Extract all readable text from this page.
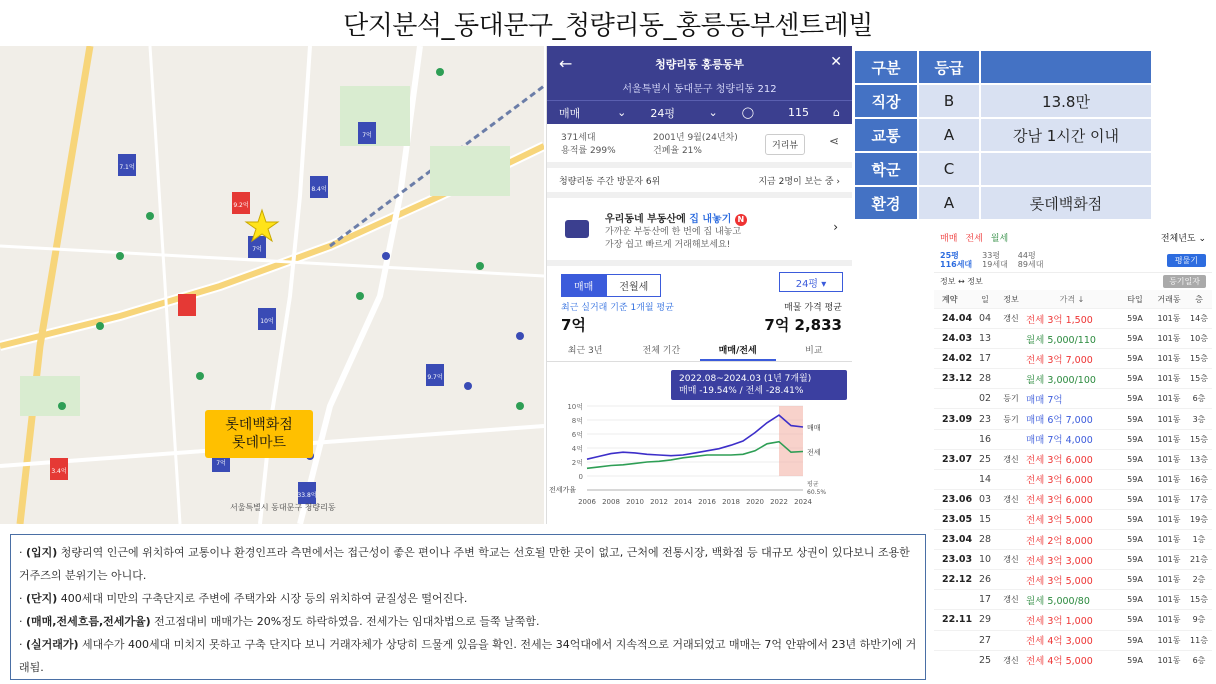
단지분석_동대문구_청량리동_홍릉동부센트레빌
7.1억
9.2억
8.4억
7억
10억
7억
9.7억
3.4억
33.8억
7억
롯데백화점
롯데마트
서울특별시 동대문구 청량리동
←	청량리동 홍릉동부	✕
서울특별시 동대문구 청량리동 212
매매	⌄ 24평	⌄ ◯	115	⌂
371세대
용적률 299%
2001년 9월(24년차)
건폐율 21%	거리뷰	⋖
청량리동 주간 방문자 6위	지금 2명이 보는 중 ›
우리동네 부동산에 집 내놓기 N
가까운 부동산에 한 번에 집 내놓고
가장 쉽고 빠르게 거래해보세요!
›
매매	전월세	24평 ▾
최근 실거래 기준 1개월 평균
7억
매물 가격 평균
7억 2,833
최근 3년	전체 기간	매매/전세	비교
10억
8억
6억
4억
2억
0
2006 2008 2010 2012 2014 2016 2018 2020 2022 2024
매매
전세
전세가율
평균
60.5%
2022.08~2024.03 (1년 7개월)
매매 -19.54% / 전세 -28.41%
구분	등급	
직장	B	13.8만
교통	A	강남 1시간 이내
학군	C	
환경	A	롯데백화점
매매 전세 월세	전체년도 ⌄
25평
116세대
33평
19세대
44평
89세대	평물기
정보 ↔ 정보	등기일자
계약	일	정보	가격 ↓	타입	거래동	층
24.04 04	갱신 전세 3억 1,500	59A	101동	14층
24.03 13	월세 5,000/110	59A	101동	10층
24.02 17	전세 3억 7,000	59A	101동	15층
23.12 28	월세 3,000/100	59A	101동	15층
02	등기 매매 7억	59A	101동	6층
23.09 23	등기 매매 6억 7,000	59A	101동	3층
16	매매 7억 4,000	59A	101동	15층
23.07 25	갱신 전세 3억 6,000	59A	101동	13층
14	전세 3억 6,000	59A	101동	16층
23.06 03	갱신 전세 3억 6,000	59A	101동	17층
23.05 15	전세 3억 5,000	59A	101동	19층
23.04 28	전세 2억 8,000	59A	101동	1층
23.03 10	갱신 전세 3억 3,000	59A	101동	21층
22.12 26	전세 3억 5,000	59A	101동	2층
17	갱신 월세 5,000/80	59A	101동	15층
22.11 29	전세 3억 1,000	59A	101동	9층
27	전세 4억 3,000	59A	101동	11층
25	갱신 전세 4억 5,000	59A	101동	6층
· (입지) 청량리역 인근에 위치하여 교통이나 환경인프라 측면에서는 접근성이 좋은 편이나 주변 학교는 선호될 만한 곳이 없고, 근처에 전통시장, 백화점 등 대규모 상권이 있다보니 조용한 거주즈의 분위기는 아니다.
· (단지) 400세대 미만의 구축단지로 주변에 주택가와 시장 등의 위치하여 균질성은 떨어진다.
· (매매,전세흐름,전세가율) 전고점대비 매매가는 20%정도 하락하였음. 전세가는 임대차법으로 들쭉 날쭉함.
· (실거래가) 세대수가 400세대 미치지 못하고 구축 단지다 보니 거래자체가 상당히 드물게 있음을 확인. 전세는 34억대에서 지속적으로 거래되었고 매매는 7억 안팎에서 23년 하반기에 거래됨.
